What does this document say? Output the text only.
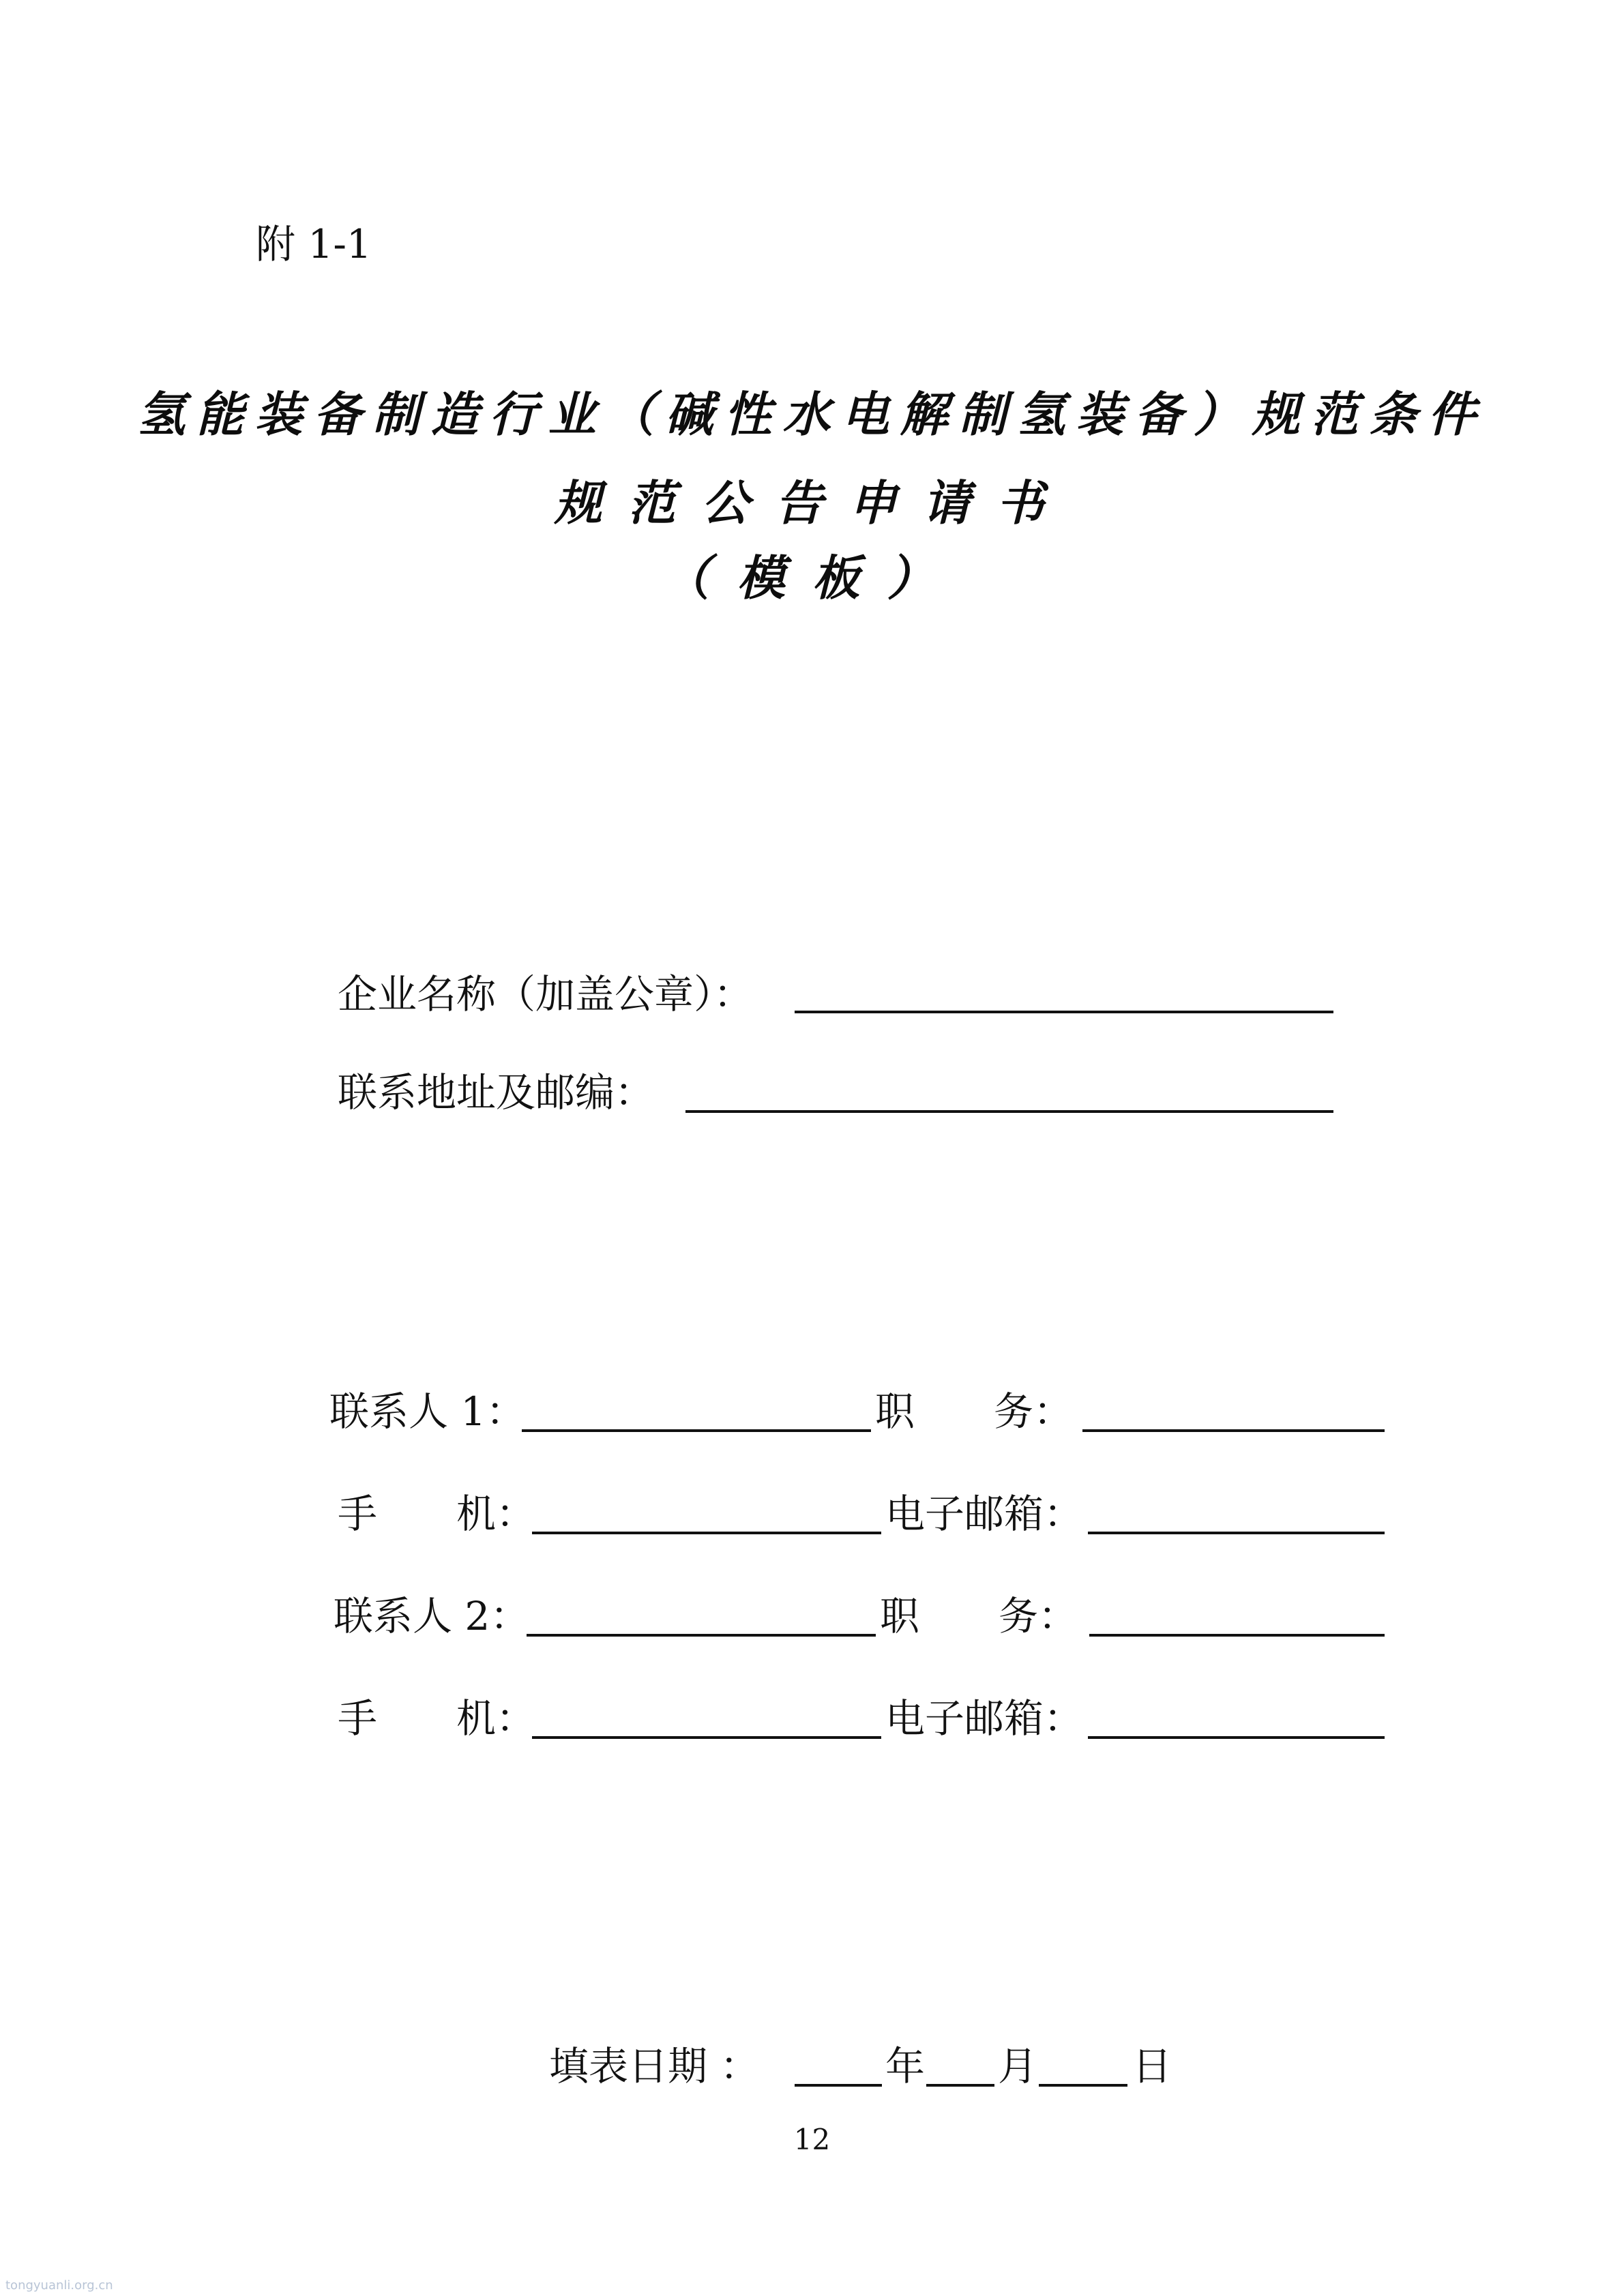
附 1-1
氢能装备制造行业（碱性水电解制氢装备）规范条件
规范公告申请书
（模板）
企业名称（加盖公章）：
联系地址及邮编：
联系人 1：	职　　务：
手　　机：	电子邮箱：
联系人 2：	职　　务：
手　　机：	电子邮箱：
填表日期 ：	年 月 日
12
tongyuanli.org.cn
